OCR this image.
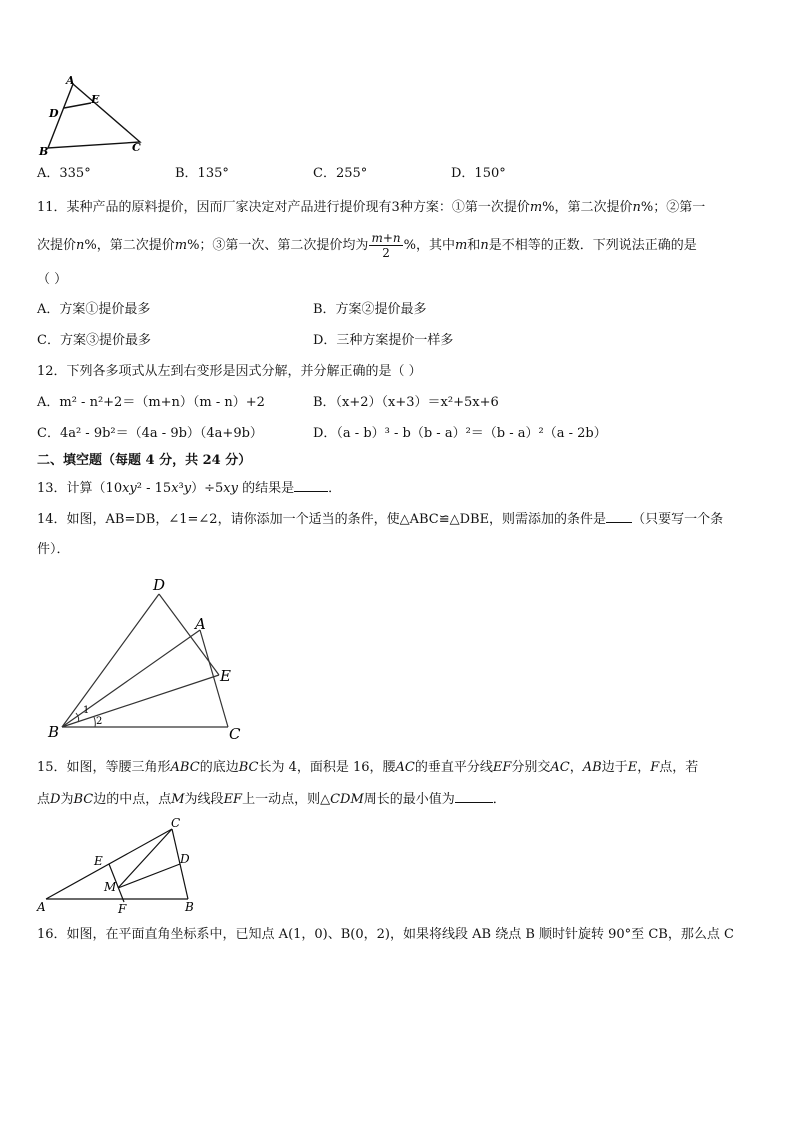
A
D
E
B	C
A．335°	B．135°	C．255°	D．150°
11．某种产品的原料提价，因而厂家决定对产品进行提价现有3种方案：①第一次提价m%，第二次提价n%；②第一
次提价n%，第二次提价m%；③第一次、第二次提价均为 $\frac{m+n}{2}$ %，其中m和n是不相等的正数．下列说法正确的是
（ ）
A．方案①提价最多	B．方案②提价最多
C．方案③提价最多	D．三种方案提价一样多
12．下列各多项式从左到右变形是因式分解，并分解正确的是（ ）
A．m² - n²+2＝（m+n）（m - n）+2	B．（x+2）（x+3）＝x²+5x+6
C．4a² - 9b²＝（4a - 9b）（4a+9b）	D．（a - b）³ - b（b - a）²＝（b - a）²（a - 2b）
二、填空题（每题 4 分，共 24 分）
13．计算（10xy² - 15x³y）÷5xy 的结果是	．
14．如图，AB=DB，∠1=∠2，请你添加一个适当的条件，使△ABC≌△DBE，则需添加的条件是 （只要写一个条
件）．
D
A
E
B	C
1
2
15．如图，等腰三角形ABC的底边BC长为 4，面积是 16，腰AC的垂直平分线EF分别交AC，AB边于E，F点，若
点D为BC边的中点，点M为线段EF上一动点，则△CDM周长的最小值为	．
C
E	D
M
A	F	B
16．如图，在平面直角坐标系中，已知点 A(1，0)、B(0，2)，如果将线段 AB 绕点 B 顺时针旋转 90°至 CB，那么点 C
